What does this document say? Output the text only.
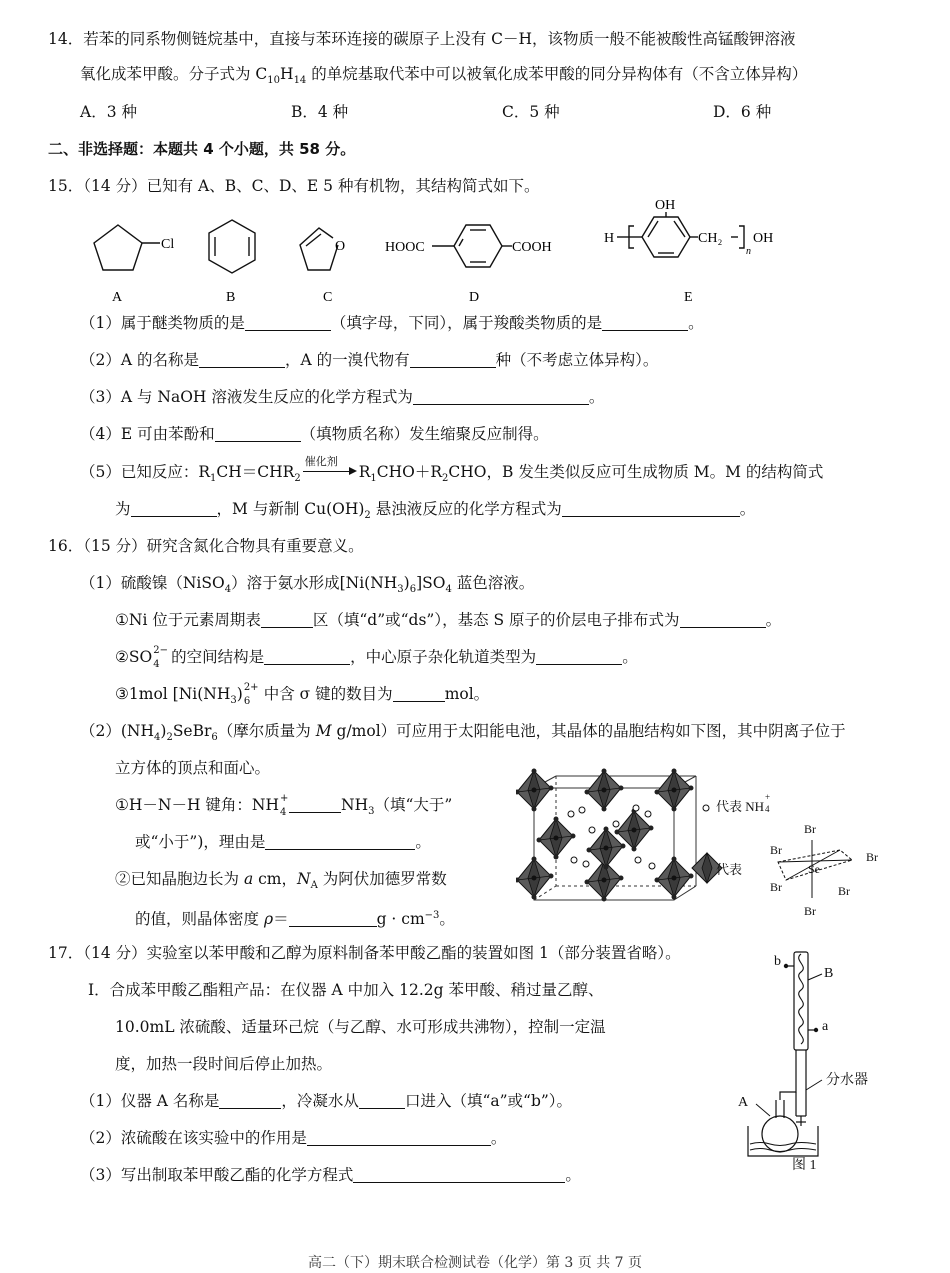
14．若苯的同系物侧链烷基中，直接与苯环连接的碳原子上没有 C－H，该物质一般不能被酸性高锰酸钾溶液
氧化成苯甲酸。分子式为 $C_{10}H_{14}$ 的单烷基取代苯中可以被氧化成苯甲酸的同分异构体有（不含立体异构）
A．3 种	B．4 种	C．5 种	D．6 种
二、非选择题：本题共 4 个小题，共 58 分。
15．（14 分）已知有 A、B、C、D、E 5 种有机物，其结构简式如下。
Cl	O	HOOC	COOH
OH
H	CH₂
n
OH
A	B	C	D	E
（1）属于醚类物质的是	（填字母，下同），属于羧酸类物质的是	。
（2）A 的名称是	，A 的一溴代物有	种（不考虑立体异构）。
（3）A 与 NaOH 溶液发生反应的化学方程式为	。
（4）E 可由苯酚和	（填物质名称）发生缩聚反应制得。
（5）已知反应：$R_1CH=CHR_2$
催化剂
$R_1CHO+R_2CHO$，B 发生类似反应可生成物质 M。M 的结构简式
为	，M 与新制 $Cu(OH)_2$ 悬浊液反应的化学方程式为	。
16．（15 分）研究含氮化合物具有重要意义。
（1）硫酸镍（NiSO$_4$）溶于氨水形成$[Ni(NH_3)_6]SO_4$ 蓝色溶液。
①Ni 位于元素周期表	区（填“d”或“ds”），基态 S 原子的价层电子排布式为	。
②SO 2−
4 的空间结构是	，中心原子杂化轨道类型为	。
③1mol [$Ni(NH_3)$ 2+
6 中含 σ 键的数目为	mol。
$(2)(NH_4)_2SeBr_6$（摩尔质量为 M g/mol）可应用于太阳能电池，其晶体的晶胞结构如下图，其中阴离子位于
立方体的顶点和面心。
①H－N－H 键角：NH +
4	$NH_3$（填“大于”
或“小于”)，理由是	。
②已知晶胞边长为 a cm，$N_A$ 为阿伏加德罗常数
的值，则晶体密度 ρ＝	$g \cdot cm^{-3}$。
代表 NH
+
4
代表
Br
Br	Br
Se
Br	Br
Br
17．（14 分）实验室以苯甲酸和乙醇为原料制备苯甲酸乙酯的装置如图 1（部分装置省略）。
Ⅰ．合成苯甲酸乙酯粗产品：在仪器 A 中加入 12.2g 苯甲酸、稍过量乙醇、
10.0mL 浓硫酸、适量环己烷（与乙醇、水可形成共沸物），控制一定温
度，加热一段时间后停止加热。
（1）仪器 A 名称是	，冷凝水从	口进入（填“a”或“b”）。
（2）浓硫酸在该实验中的作用是	。
（3）写出制取苯甲酸乙酯的化学方程式	。
b
B
a
分水器
A
图 1
高二（下）期末联合检测试卷（化学）第 3 页 共 7 页
